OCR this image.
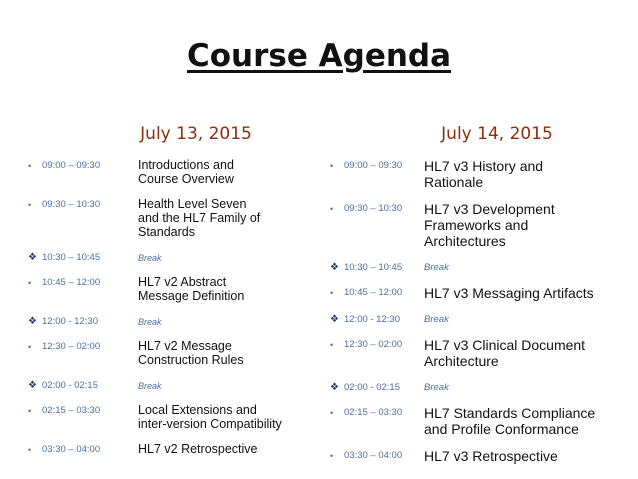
Course Agenda
July 13, 2015
•	09:00 – 09:30	Introductions and
Course Overview
•	09:30 – 10:30	Health Level Seven
and the HL7 Family of
Standards
❖ 10:30 – 10:45	Break
•	10:45 – 12:00	HL7 v2 Abstract
Message Definition
❖ 12:00 - 12:30	Break
•	12:30 – 02:00	HL7 v2 Message
Construction Rules
❖ 02:00 - 02:15	Break
•	02:15 – 03:30	Local Extensions and
inter-version Compatibility
•	03:30 – 04:00	HL7 v2 Retrospective
July 14, 2015
•	09:00 – 09:30	HL7 v3 History and
Rationale
•	09:30 – 10:30	HL7 v3 Development
Frameworks and
Architectures
❖ 10:30 – 10:45	Break
•	10:45 – 12:00	HL7 v3 Messaging Artifacts
❖ 12:00 - 12:30	Break
•	12:30 – 02:00	HL7 v3 Clinical Document
Architecture
❖ 02:00 - 02:15	Break
•	02:15 – 03:30	HL7 Standards Compliance
and Profile Conformance
•	03:30 – 04:00	HL7 v3 Retrospective
